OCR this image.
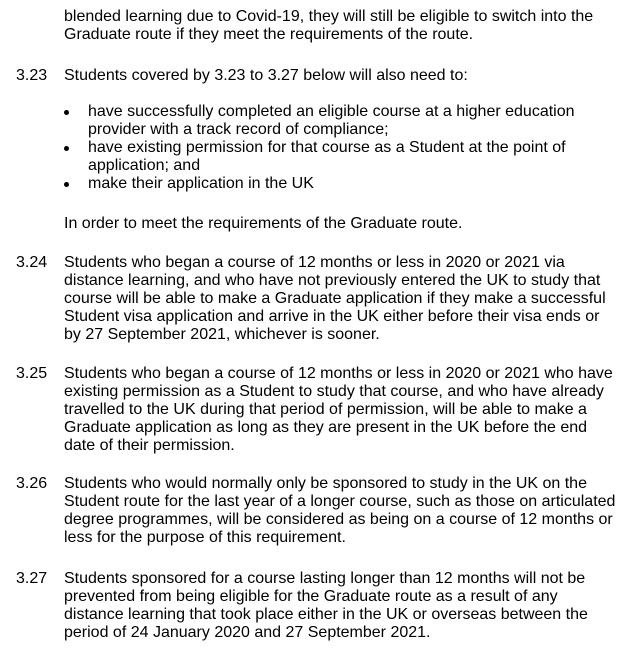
blended learning due to Covid-19, they will still be eligible to switch into the
Graduate route if they meet the requirements of the route.
3.23	Students covered by 3.23 to 3.27 below will also need to:
have successfully completed an eligible course at a higher education
provider with a track record of compliance;
have existing permission for that course as a Student at the point of
application; and
make their application in the UK
In order to meet the requirements of the Graduate route.
3.24	Students who began a course of 12 months or less in 2020 or 2021 via
distance learning, and who have not previously entered the UK to study that
course will be able to make a Graduate application if they make a successful
Student visa application and arrive in the UK either before their visa ends or
by 27 September 2021, whichever is sooner.
3.25	Students who began a course of 12 months or less in 2020 or 2021 who have
existing permission as a Student to study that course, and who have already
travelled to the UK during that period of permission, will be able to make a
Graduate application as long as they are present in the UK before the end
date of their permission.
3.26	Students who would normally only be sponsored to study in the UK on the
Student route for the last year of a longer course, such as those on articulated
degree programmes, will be considered as being on a course of 12 months or
less for the purpose of this requirement.
3.27	Students sponsored for a course lasting longer than 12 months will not be
prevented from being eligible for the Graduate route as a result of any
distance learning that took place either in the UK or overseas between the
period of 24 January 2020 and 27 September 2021.
